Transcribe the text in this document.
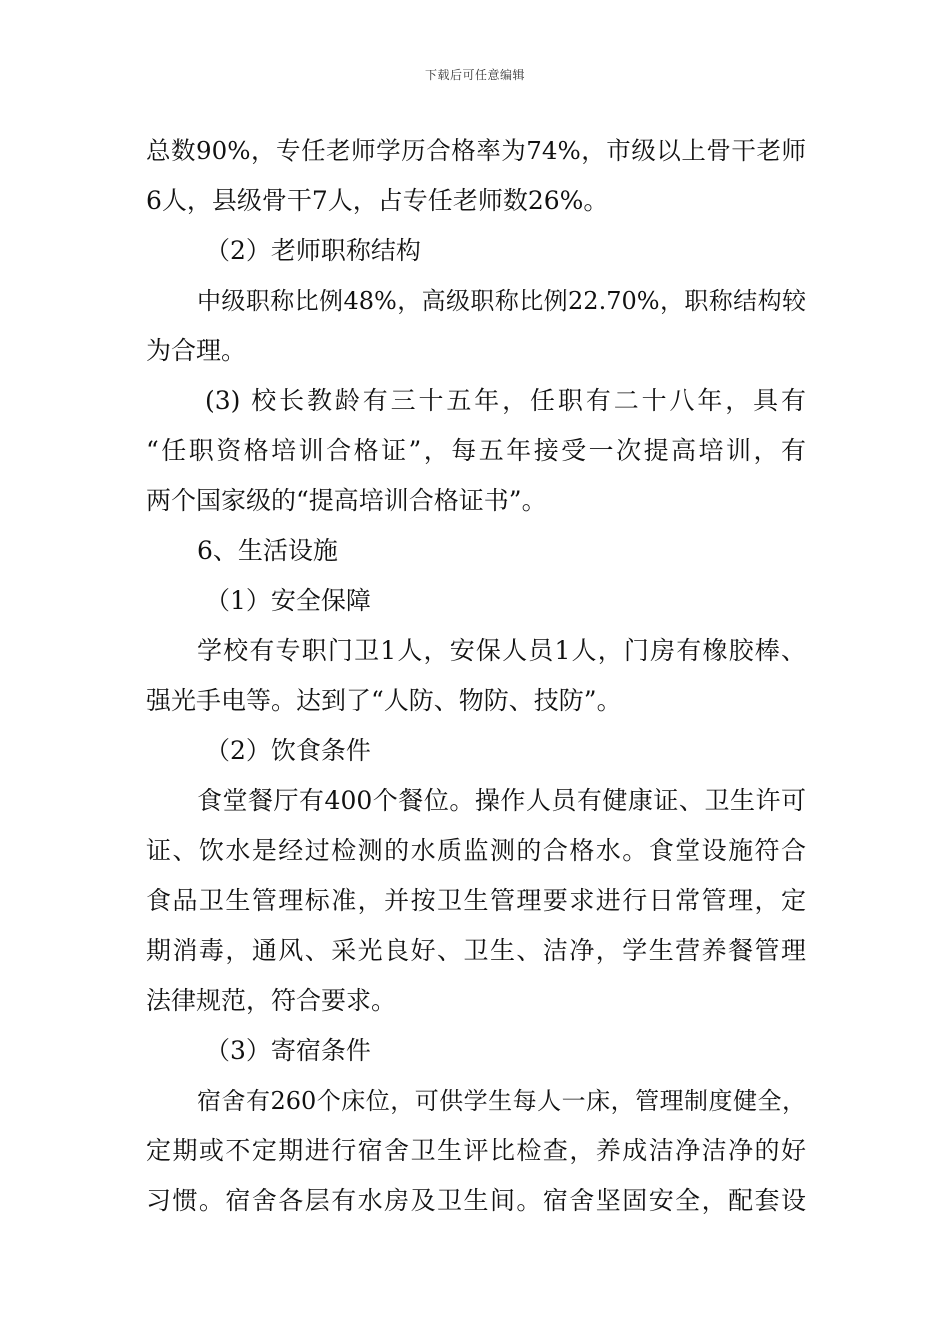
下载后可任意编辑
总数90%，专任老师学历合格率为74%，市级以上骨干老师
6人，县级骨干7人，占专任老师数26%。
（2）老师职称结构
中级职称比例48%，高级职称比例22.70%，职称结构较
为合理。
(3) 校长教龄有三十五年，任职有二十八年，具有
“任职资格培训合格证”，每五年接受一次提高培训，有
两个国家级的“提高培训合格证书”。
6、生活设施
（1）安全保障
学校有专职门卫1人，安保人员1人，门房有橡胶棒、
强光手电等。达到了“人防、物防、技防”。
（2）饮食条件
食堂餐厅有400个餐位。操作人员有健康证、卫生许可
证、饮水是经过检测的水质监测的合格水。食堂设施符合
食品卫生管理标准，并按卫生管理要求进行日常管理，定
期消毒，通风、采光良好、卫生、洁净，学生营养餐管理
法律规范，符合要求。
（3）寄宿条件
宿舍有260个床位，可供学生每人一床，管理制度健全，
定期或不定期进行宿舍卫生评比检查，养成洁净洁净的好
习惯。宿舍各层有水房及卫生间。宿舍坚固安全，配套设
